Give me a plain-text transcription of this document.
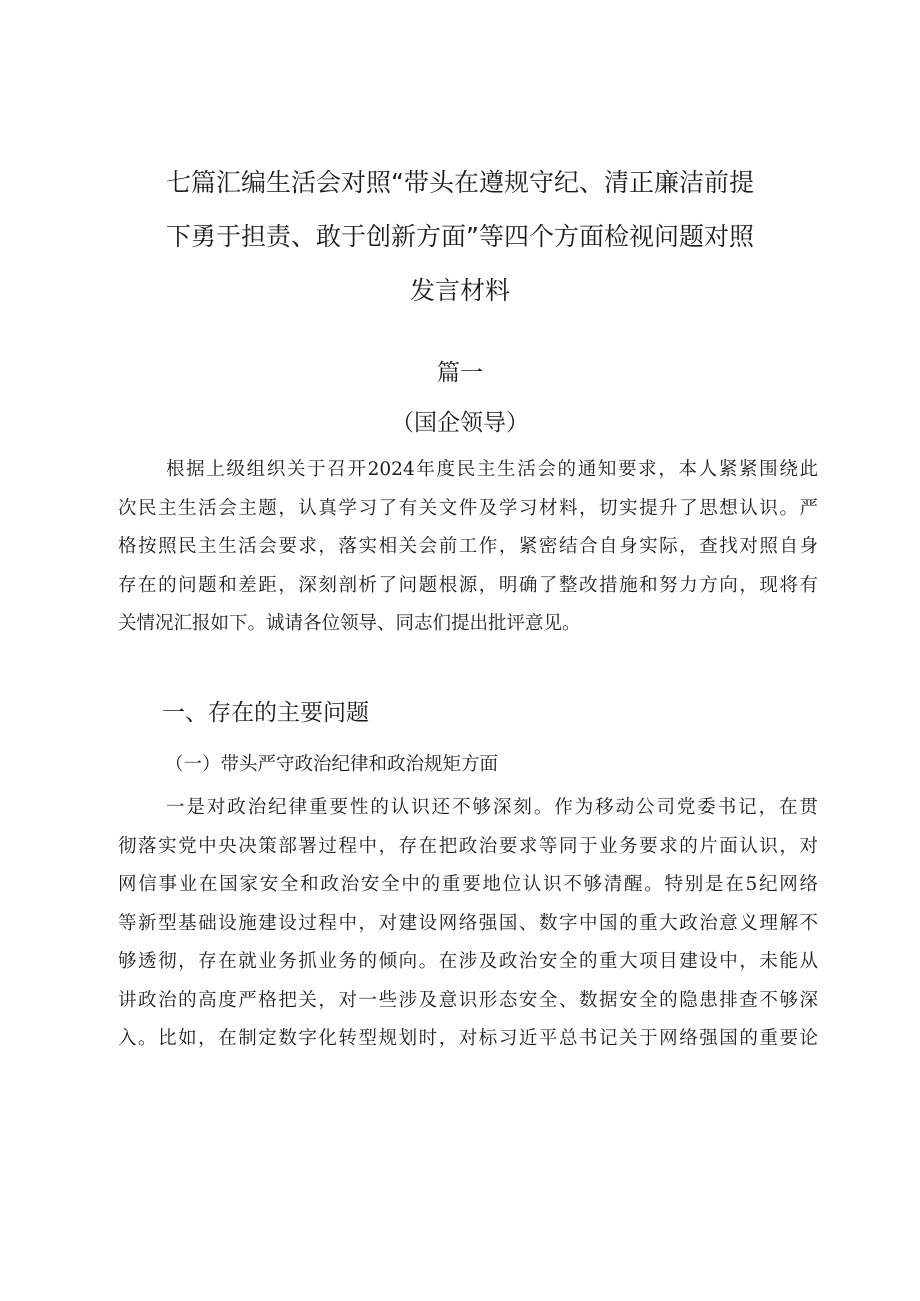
七篇汇编生活会对照“带头在遵规守纪、清正廉洁前提
下勇于担责、敢于创新方面”等四个方面检视问题对照
发言材料
篇一
（国企领导）
根据上级组织关于召开2024年度民主生活会的通知要求，本人紧紧围绕此
次民主生活会主题，认真学习了有关文件及学习材料，切实提升了思想认识。严
格按照民主生活会要求，落实相关会前工作，紧密结合自身实际，查找对照自身
存在的问题和差距，深刻剖析了问题根源，明确了整改措施和努力方向，现将有
关情况汇报如下。诚请各位领导、同志们提出批评意见。
一、存在的主要问题
（一）带头严守政治纪律和政治规矩方面
一是对政治纪律重要性的认识还不够深刻。作为移动公司党委书记，在贯
彻落实党中央决策部署过程中，存在把政治要求等同于业务要求的片面认识，对
网信事业在国家安全和政治安全中的重要地位认识不够清醒。特别是在5纪网络
等新型基础设施建设过程中，对建设网络强国、数字中国的重大政治意义理解不
够透彻，存在就业务抓业务的倾向。在涉及政治安全的重大项目建设中，未能从
讲政治的高度严格把关，对一些涉及意识形态安全、数据安全的隐患排查不够深
入。比如，在制定数字化转型规划时，对标习近平总书记关于网络强国的重要论
